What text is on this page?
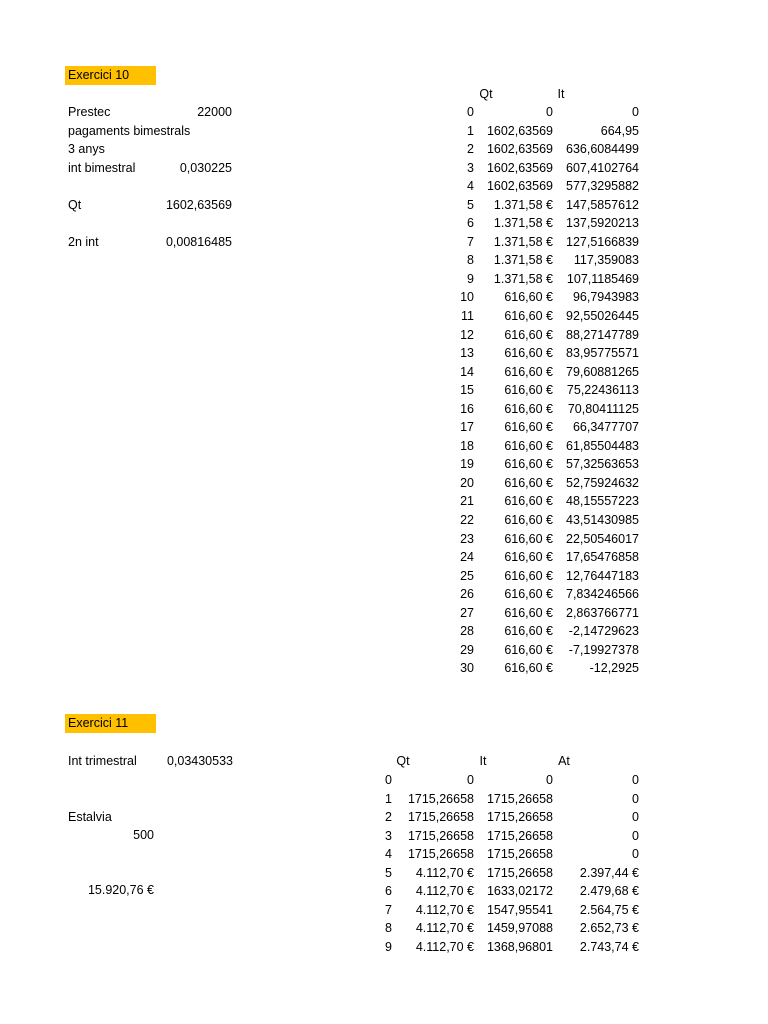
Exercici 10
Prestec	22000
pagaments bimestrals
3 anys
int bimestral	0,030225
Qt	1602,63569
2n int	0,00816485
Qt	It
0	0	0
1 1602,63569	664,95
2 1602,63569 636,6084499
3 1602,63569 607,4102764
4 1602,63569 577,3295882
5 1.371,58 € 147,5857612
6 1.371,58 € 137,5920213
7 1.371,58 € 127,5166839
8 1.371,58 € 117,359083
9 1.371,58 € 107,1185469
10 616,60 € 96,7943983
11 616,60 € 92,55026445
12 616,60 € 88,27147789
13 616,60 € 83,95775571
14 616,60 € 79,60881265
15 616,60 € 75,22436113
16 616,60 € 70,80411125
17 616,60 € 66,3477707
18 616,60 € 61,85504483
19 616,60 € 57,32563653
20 616,60 € 52,75924632
21 616,60 € 48,15557223
22 616,60 € 43,51430985
23 616,60 € 22,50546017
24 616,60 € 17,65476858
25 616,60 € 12,76447183
26 616,60 € 7,834246566
27 616,60 € 2,863766771
28 616,60 € -2,14729623
29 616,60 € -7,19927378
30 616,60 €	-12,2925
Exercici 11
Int trimestral	0,03430533
Estalvia
500
15.920,76 €
Qt	It	At
0	0	0	0
1 1715,26658 1715,26658	0
2 1715,26658 1715,26658	0
3 1715,26658 1715,26658	0
4 1715,26658 1715,26658	0
5 4.112,70 € 1715,26658 2.397,44 €
6 4.112,70 € 1633,02172 2.479,68 €
7 4.112,70 € 1547,95541 2.564,75 €
8 4.112,70 € 1459,97088 2.652,73 €
9 4.112,70 € 1368,96801 2.743,74 €
